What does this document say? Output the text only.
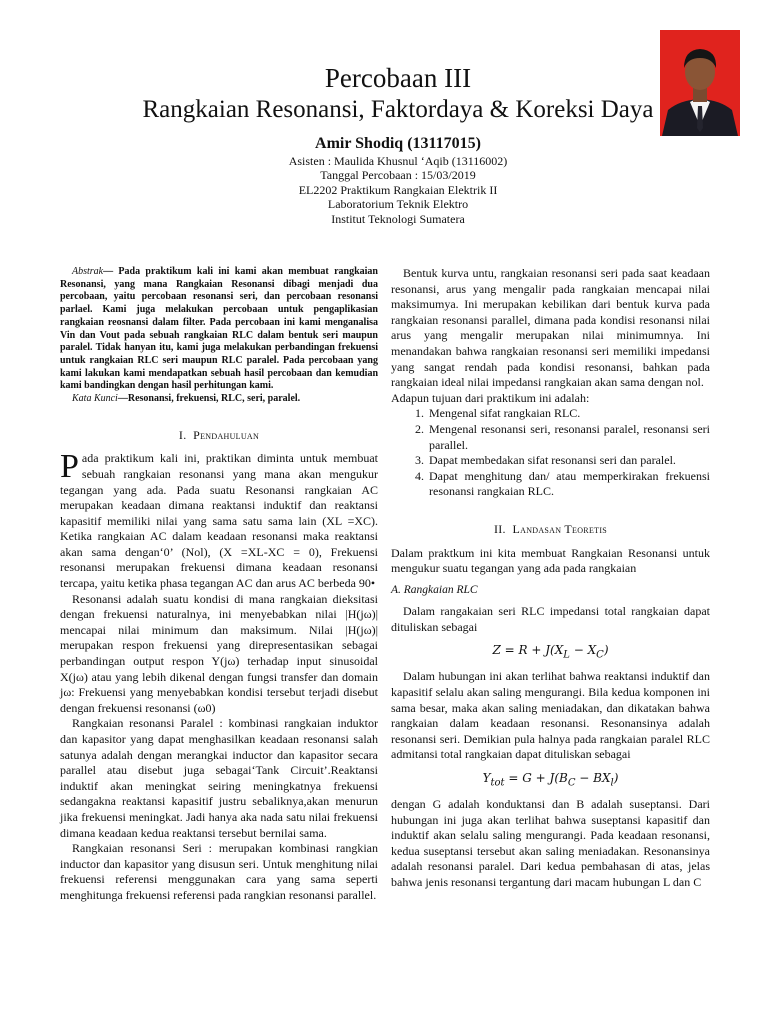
Percobaan III
Rangkaian Resonansi, Faktordaya & Koreksi Daya
Amir Shodiq (13117015)
Asisten : Maulida Khusnul ‘Aqib (13116002)
Tanggal Percobaan : 15/03/2019
EL2202 Praktikum Rangkaian Elektrik II
Laboratorium Teknik Elektro
Institut Teknologi Sumatera

Abstrak— Pada praktikum kali ini kami akan membuat rangkaian Resonansi, yang mana Rangkaian Resonansi dibagi menjadi dua percobaan, yaitu percobaan resonansi seri, dan percobaan resonansi parlael. Kami juga melakukan percobaan untuk pengaplikasian rangkaian reosnansi dalam filter. Pada percobaan ini kami menganalisa Vin dan Vout pada sebuah rangkaian RLC dalam bentuk seri maupun paralel. Tidak hanyan itu, kami juga melakukan perbandingan frekuensi untuk rangkaian RLC seri maupun RLC paralel. Pada percobaan yang kami lakukan kami mendapatkan sebuah hasil percobaan dan kemudian kami bandingkan dengan hasil perhitungan kami.

Kata Kunci—Resonansi, frekuensi, RLC, seri, paralel.

I. Pendahuluan

Pada praktikum kali ini, praktikan diminta untuk membuat sebuah rangkaian resonansi yang mana akan mengukur tegangan yang ada. Pada suatu Resonansi rangkaian AC merupakan keadaan dimana reaktansi induktif dan reaktansi kapasitif memiliki nilai yang sama satu sama lain (XL =XC). Ketika rangkaian AC dalam keadaan resonansi maka reaktansi akan sama dengan‘0’ (Nol), (X =XL-XC = 0), Frekuensi resonansi merupakan frekuensi dimana keadaan resonansi tercapa, yaitu ketika phasa tegangan AC dan arus AC berbeda 90•

Resonansi adalah suatu kondisi di mana rangkaian dieksitasi dengan frekuensi naturalnya, ini menyebabkan nilai |H(jω)| mencapai nilai minimum dan maksimum. Nilai |H(jω)| merupakan respon frekuensi yang direpresentasikan sebagai perbandingan output respon Y(jω) terhadap input sinusoidal X(jω) atau yang lebih dikenal dengan fungsi transfer dan domain jω: Frekuensi yang menyebabkan kondisi tersebut terjadi disebut dengan frekuensi resonansi (ω0)

Rangkaian resonansi Paralel : kombinasi rangkaian induktor dan kapasitor yang dapat menghasilkan keadaan resonansi salah satunya adalah dengan merangkai inductor dan kapasitor secara parallel atau disebut juga sebagai‘Tank Circuit’.Reaktansi induktif akan meningkat seiring meningkatnya frekuensi sedangakna reaktansi kapasitif justru sebaliknya,akan menurun jika frekuensi meningkat. Jadi hanya aka nada satu nilai frekuensi dimana keadaan kedua reaktansi tersebut bernilai sama.

Rangkaian resonansi Seri : merupakan kombinasi rangkian inductor dan kapasitor yang disusun seri. Untuk menghitung nilai frekuensi referensi menggunakan cara yang sama seperti menghitunga frekuensi referensi pada rangkian resonansi parallel.

Bentuk kurva untu, rangkaian resonansi seri pada saat keadaan resonansi, arus yang mengalir pada rangkaian mencapai nilai maksimumya. Ini merupakan kebilikan dari bentuk kurva pada rangkaian resonansi parallel, dimana pada kondisi resonansi nilai arus yang mengalir merupakan nilai minimumnya. Ini menandakan bahwa rangkaian resonansi seri memiliki impedansi yang sangat rendah pada kondisi resonansi, bahkan pada rangkaian ideal nilai impedansi rangkaian akan sama dengan nol.

Adapun tujuan dari praktikum ini adalah:

1. Mengenal sifat rangkaian RLC.
2. Mengenal resonansi seri, resonansi paralel, resonansi seri parallel.
3. Dapat membedakan sifat resonansi seri dan paralel.
4. Dapat menghitung dan/ atau memperkirakan frekuensi resonansi rangkaian RLC.
II. Landasan Teoretis

Dalam praktkum ini kita membuat Rangkaian Resonansi untuk mengukur suatu tegangan yang ada pada rangkaian

A. Rangkaian RLC

Dalam rangakaian seri RLC impedansi total rangkaian dapat dituliskan sebagai

$Z = R + J(X_L - X_C)$

Dalam hubungan ini akan terlihat bahwa reaktansi induktif dan kapasitif selalu akan saling mengurangi. Bila kedua komponen ini sama besar, maka akan saling meniadakan, dan dikatakan bahwa rangkaian dalam keadaan resonansi. Resonansinya adalah resonansi seri. Demikian pula halnya pada rangkaian paralel RLC admitansi total rangkaian dapat dituliskan sebagai

$Y_{tot} = G + J(B_C - BX_l)$

dengan G adalah konduktansi dan B adalah suseptansi. Dari hubungan ini juga akan terlihat bahwa suseptansi kapasitif dan induktif akan selalu saling mengurangi. Pada keadaan resonansi, kedua suseptansi tersebut akan saling meniadakan. Resonansinya adalah resonansi paralel. Dari kedua pembahasan di atas, jelas bahwa jenis resonansi tergantung dari macam hubungan L dan C
